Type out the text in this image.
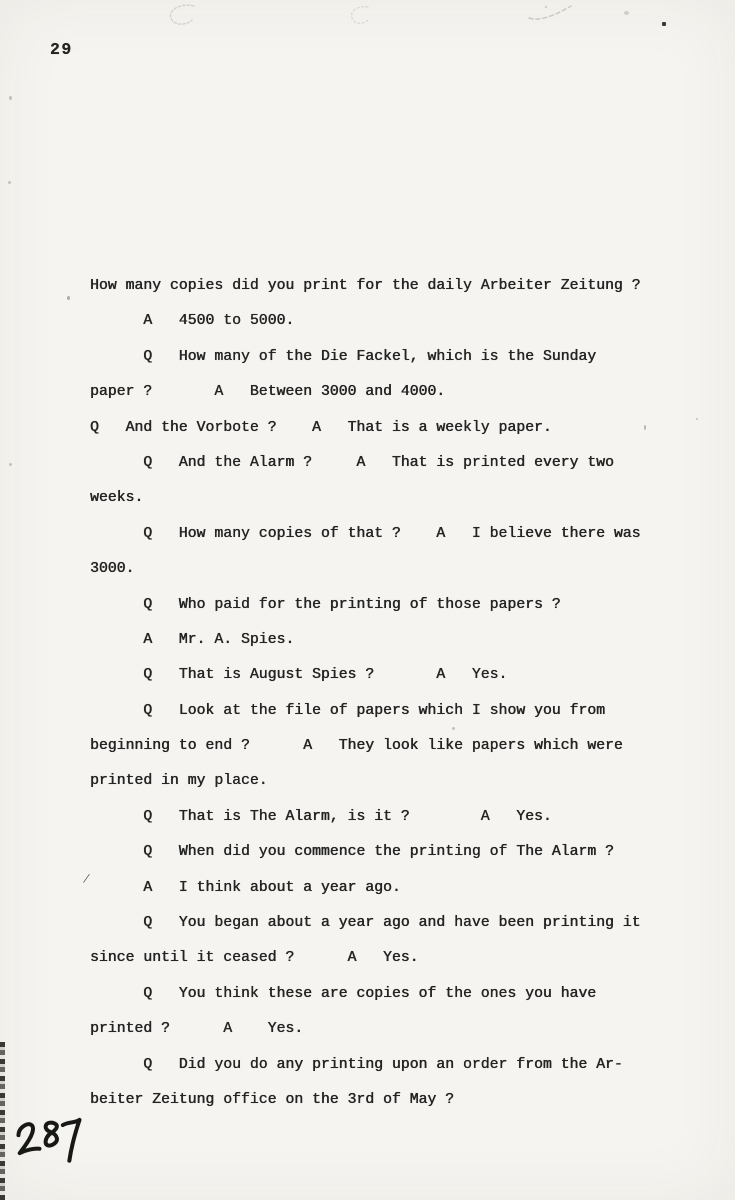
29
How many copies did you print for the daily Arbeiter Zeitung ?
A   4500 to 5000.
Q   How many of the Die Fackel, which is the Sunday
paper ?       A   Between 3000 and 4000.
Q   And the Vorbote ?    A   That is a weekly paper.
Q   And the Alarm ?     A   That is printed every two
weeks.
Q   How many copies of that ?    A   I believe there was
3000.
Q   Who paid for the printing of those papers ?
A   Mr. A. Spies.
Q   That is August Spies ?       A   Yes.
Q   Look at the file of papers which I show you from
beginning to end ?      A   They look like papers which were
printed in my place.
Q   That is The Alarm, is it ?        A   Yes.
Q   When did you commence the printing of The Alarm ?
A   I think about a year ago.
Q   You began about a year ago and have been printing it
since until it ceased ?      A   Yes.
Q   You think these are copies of the ones you have
printed ?      A    Yes.
Q   Did you do any printing upon an order from the Ar-
beiter Zeitung office on the 3rd of May ?
∕
